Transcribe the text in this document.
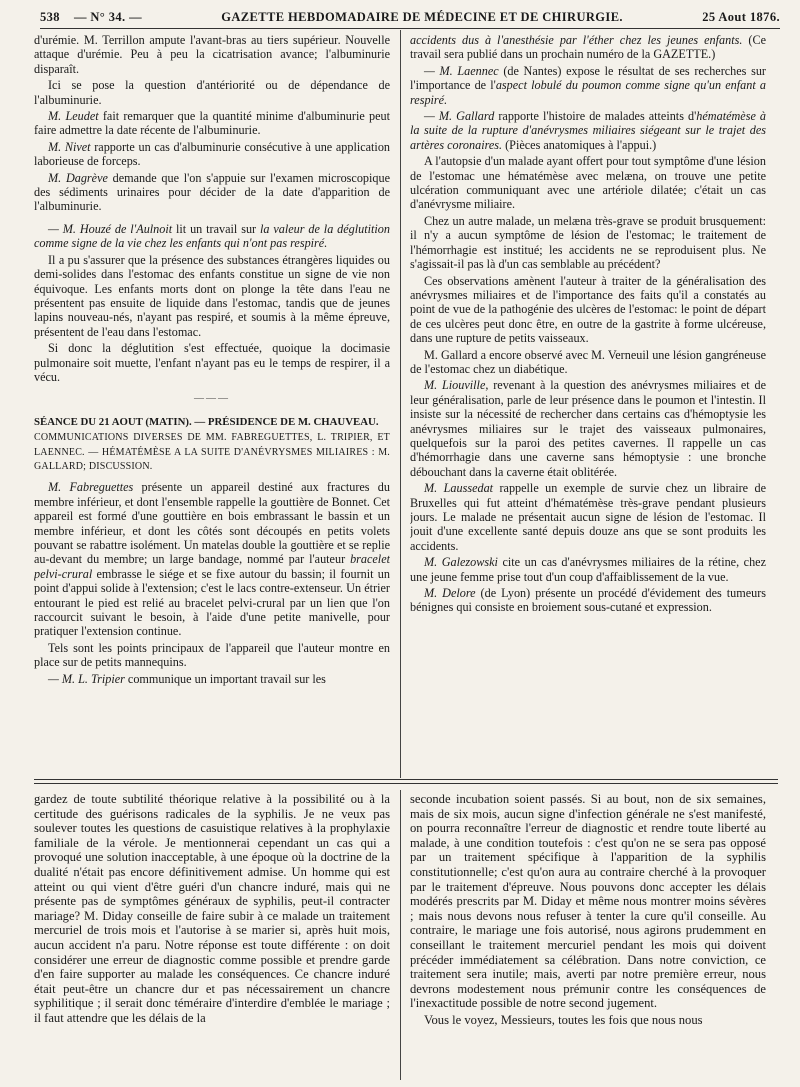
538 — N° 34. —	GAZETTE HEBDOMADAIRE DE MÉDECINE ET DE CHIRURGIE.	25 Aout 1876.

d'urémie. M. Terrillon ampute l'avant-bras au tiers supérieur. Nouvelle attaque d'urémie. Peu à peu la cicatrisation avance; l'albuminurie disparaît.

Ici se pose la question d'antériorité ou de dépendance de l'albuminurie.

M. Leudet fait remarquer que la quantité minime d'albuminurie peut faire admettre la date récente de l'albuminurie.

M. Nivet rapporte un cas d'albuminurie consécutive à une application laborieuse de forceps.

M. Dagrève demande que l'on s'appuie sur l'examen microscopique des sédiments urinaires pour décider de la date d'apparition de l'albuminurie.

— M. Houzé de l'Aulnoit lit un travail sur la valeur de la déglutition comme signe de la vie chez les enfants qui n'ont pas respiré.

Il a pu s'assurer que la présence des substances étrangères liquides ou demi-solides dans l'estomac des enfants constitue un signe de vie non équivoque. Les enfants morts dont on plonge la tête dans l'eau ne présentent pas ensuite de liquide dans l'estomac, tandis que de jeunes lapins nouveau-nés, n'ayant pas respiré, et soumis à la même épreuve, présentent de l'eau dans l'estomac.

Si donc la déglutition s'est effectuée, quoique la docimasie pulmonaire soit muette, l'enfant n'ayant pas eu le temps de respirer, il a vécu.

———

SÉANCE DU 21 AOUT (MATIN). — PRÉSIDENCE DE M. CHAUVEAU.

COMMUNICATIONS DIVERSES DE MM. FABREGUETTES, L. TRIPIER, ET LAENNEC. — HÉMATÉMÈSE A LA SUITE D'ANÉVRYSMES MILIAIRES : M. GALLARD; DISCUSSION.

M. Fabreguettes présente un appareil destiné aux fractures du membre inférieur, et dont l'ensemble rappelle la gouttière de Bonnet. Cet appareil est formé d'une gouttière en bois embrassant le bassin et un membre inférieur, et dont les côtés sont découpés en petits volets pouvant se rabattre isolément. Un matelas double la gouttière et se replie au-devant du membre; un large bandage, nommé par l'auteur bracelet pelvi-crural embrasse le siége et se fixe autour du bassin; il fournit un point d'appui solide à l'extension; c'est le lacs contre-extenseur. Un étrier entourant le pied est relié au bracelet pelvi-crural par un lien que l'on raccourcit suivant le besoin, à l'aide d'une petite manivelle, pour pratiquer l'extension continue.

Tels sont les points principaux de l'appareil que l'auteur montre en place sur de petits mannequins.

— M. L. Tripier communique un important travail sur les

accidents dus à l'anesthésie par l'éther chez les jeunes enfants. (Ce travail sera publié dans un prochain numéro de la GAZETTE.)

— M. Laennec (de Nantes) expose le résultat de ses recherches sur l'importance de l'aspect lobulé du poumon comme signe qu'un enfant a respiré.

— M. Gallard rapporte l'histoire de malades atteints d'hématémèse à la suite de la rupture d'anévrysmes miliaires siégeant sur le trajet des artères coronaires. (Pièces anatomiques à l'appui.)

A l'autopsie d'un malade ayant offert pour tout symptôme d'une lésion de l'estomac une hématémèse avec melæna, on trouve une petite ulcération communiquant avec une artériole dilatée; c'était un cas d'anévrysme miliaire.

Chez un autre malade, un melæna très-grave se produit brusquement: il n'y a aucun symptôme de lésion de l'estomac; le traitement de l'hémorrhagie est institué; les accidents ne se reproduisent plus. Ne s'agissait-il pas là d'un cas semblable au précédent?

Ces observations amènent l'auteur à traiter de la généralisation des anévrysmes miliaires et de l'importance des faits qu'il a constatés au point de vue de la pathogénie des ulcères de l'estomac: le point de départ de ces ulcères peut donc être, en outre de la gastrite à forme ulcéreuse, dans une rupture de petits vaisseaux.

M. Gallard a encore observé avec M. Verneuil une lésion gangréneuse de l'estomac chez un diabétique.

M. Liouville, revenant à la question des anévrysmes miliaires et de leur généralisation, parle de leur présence dans le poumon et l'intestin. Il insiste sur la nécessité de rechercher dans certains cas d'hémoptysie les anévrysmes miliaires sur le trajet des vaisseaux pulmonaires, quelquefois sur la paroi des petites cavernes. Il rappelle un cas d'hémorrhagie dans une caverne sans hémoptysie : une bronche débouchant dans la caverne était oblitérée.

M. Laussedat rappelle un exemple de survie chez un libraire de Bruxelles qui fut atteint d'hématémèse très-grave pendant plusieurs jours. Le malade ne présentait aucun signe de lésion de l'estomac. Il jouit d'une excellente santé depuis douze ans que se sont produits les accidents.

M. Galezowski cite un cas d'anévrysmes miliaires de la rétine, chez une jeune femme prise tout d'un coup d'affaiblissement de la vue.

M. Delore (de Lyon) présente un procédé d'évidement des tumeurs bénignes qui consiste en broiement sous-cutané et expression.

gardez de toute subtilité théorique relative à la possibilité ou à la certitude des guérisons radicales de la syphilis. Je ne veux pas soulever toutes les questions de casuistique relatives à la prophylaxie familiale de la vérole. Je mentionnerai cependant un cas qui a provoqué une solution inacceptable, à une époque où la doctrine de la dualité n'était pas encore définitivement admise. Un homme qui est atteint ou qui vient d'être guéri d'un chancre induré, mais qui ne présente pas de symptômes généraux de syphilis, peut-il contracter mariage? M. Diday conseille de faire subir à ce malade un traitement mercuriel de trois mois et l'autorise à se marier si, après huit mois, aucun accident n'a paru. Notre réponse est toute différente : on doit considérer une erreur de diagnostic comme possible et prendre garde d'en faire supporter au malade les conséquences. Ce chancre induré était peut-être un chancre dur et pas nécessairement un chancre syphilitique ; il serait donc téméraire d'interdire d'emblée le mariage ; il faut attendre que les délais de la

seconde incubation soient passés. Si au bout, non de six semaines, mais de six mois, aucun signe d'infection générale ne s'est manifesté, on pourra reconnaître l'erreur de diagnostic et rendre toute liberté au malade, à une condition toutefois : c'est qu'on ne se sera pas opposé par un traitement spécifique à l'apparition de la syphilis constitutionnelle; c'est qu'on aura au contraire cherché à la provoquer par le traitement d'épreuve. Nous pouvons donc accepter les délais modérés prescrits par M. Diday et même nous montrer moins sévères ; mais nous devons nous refuser à tenter la cure qu'il conseille. Au contraire, le mariage une fois autorisé, nous agirons prudemment en conseillant le traitement mercuriel pendant les mois qui doivent précéder immédiatement sa célébration. Dans notre conviction, ce traitement sera inutile; mais, averti par notre première erreur, nous devrons modestement nous prémunir contre les conséquences de l'inexactitude possible de notre second jugement.

Vous le voyez, Messieurs, toutes les fois que nous nous
